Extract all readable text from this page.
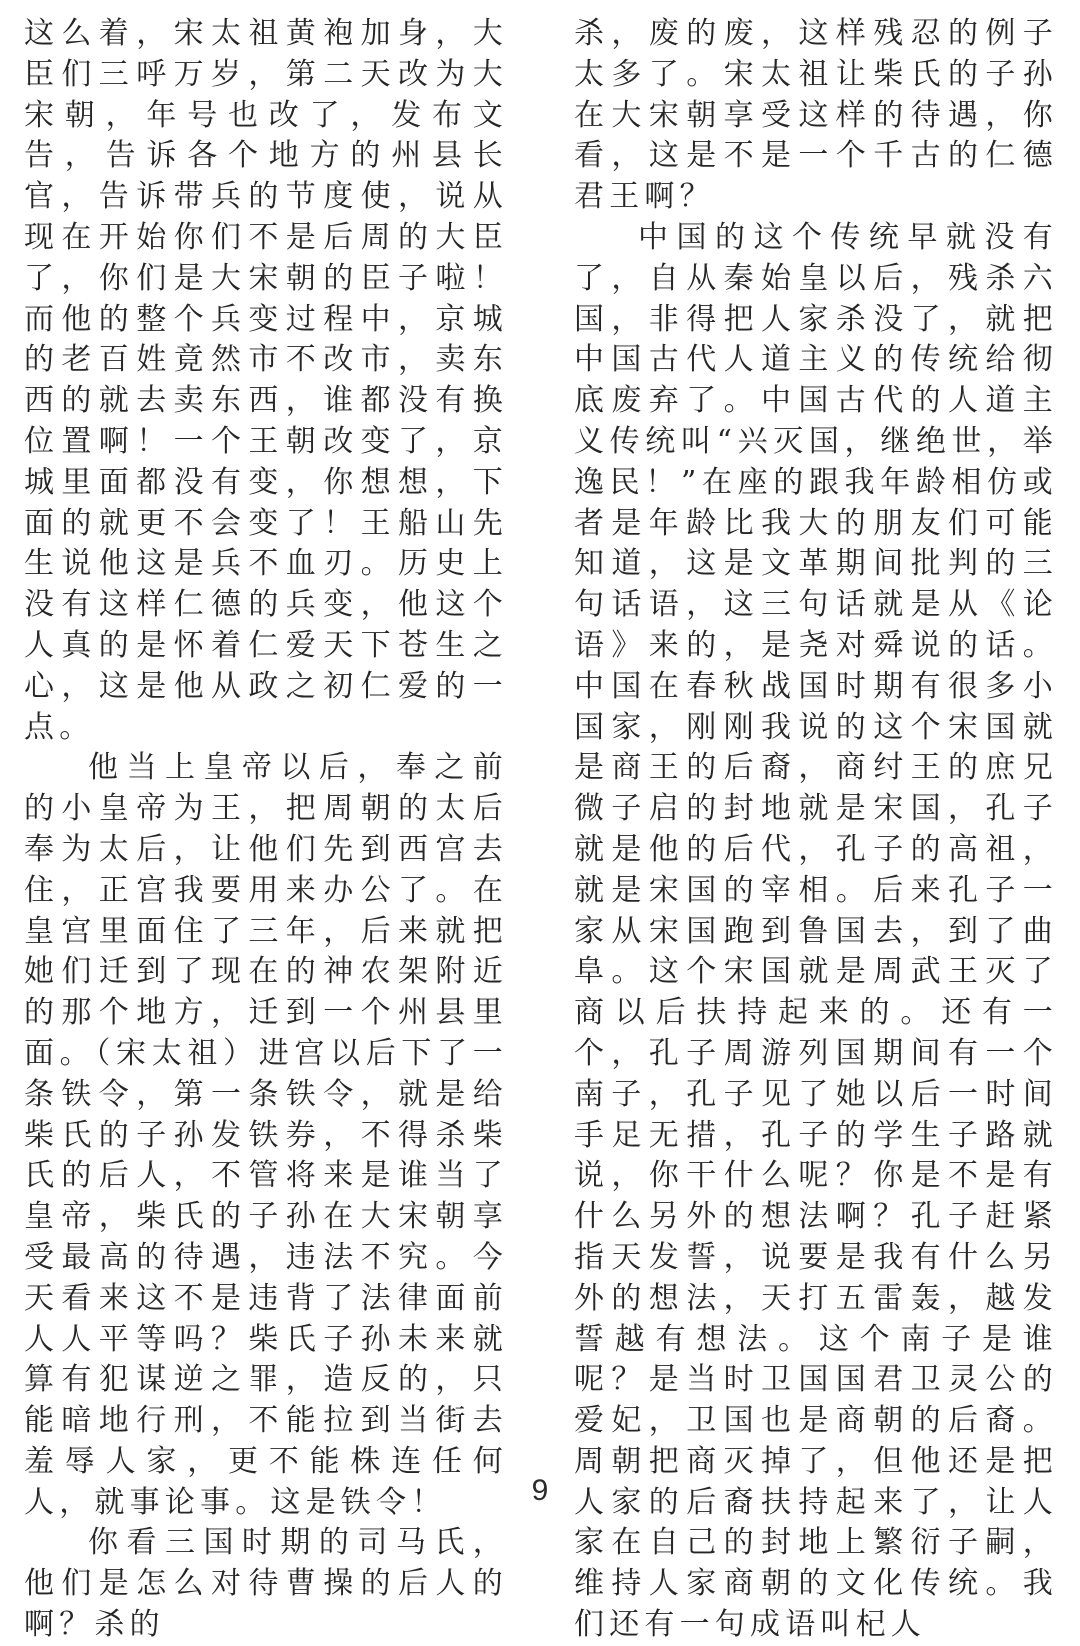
这么着，宋太祖黄袍加身，大臣们三呼万岁，第二天改为大宋朝，年号也改了，发布文告，告诉各个地方的州县长官，告诉带兵的节度使，说从现在开始你们不是后周的大臣了，你们是大宋朝的臣子啦！而他的整个兵变过程中，京城的老百姓竟然市不改市，卖东西的就去卖东西，谁都没有换位置啊！一个王朝改变了，京城里面都没有变，你想想，下面的就更不会变了！王船山先生说他这是兵不血刃。历史上没有这样仁德的兵变，他这个人真的是怀着仁爱天下苍生之心，这是他从政之初仁爱的一点。

他当上皇帝以后，奉之前的小皇帝为王，把周朝的太后奉为太后，让他们先到西宫去住，正宫我要用来办公了。在皇宫里面住了三年，后来就把她们迁到了现在的神农架附近的那个地方，迁到一个州县里面。（宋太祖）进宫以后下了一条铁令，第一条铁令，就是给柴氏的子孙发铁券，不得杀柴氏的后人，不管将来是谁当了皇帝，柴氏的子孙在大宋朝享受最高的待遇，违法不究。今天看来这不是违背了法律面前人人平等吗？柴氏子孙未来就算有犯谋逆之罪，造反的，只能暗地行刑，不能拉到当街去羞辱人家，更不能株连任何人，就事论事。这是铁令！

你看三国时期的司马氏，他们是怎么对待曹操的后人的啊？杀的

杀，废的废，这样残忍的例子太多了。宋太祖让柴氏的子孙在大宋朝享受这样的待遇，你看，这是不是一个千古的仁德君王啊？

中国的这个传统早就没有了，自从秦始皇以后，残杀六国，非得把人家杀没了，就把中国古代人道主义的传统给彻底废弃了。中国古代的人道主义传统叫“兴灭国，继绝世，举逸民！”在座的跟我年龄相仿或者是年龄比我大的朋友们可能知道，这是文革期间批判的三句话语，这三句话就是从《论语》来的，是尧对舜说的话。中国在春秋战国时期有很多小国家，刚刚我说的这个宋国就是商王的后裔，商纣王的庶兄微子启的封地就是宋国，孔子就是他的后代，孔子的高祖，就是宋国的宰相。后来孔子一家从宋国跑到鲁国去，到了曲阜。这个宋国就是周武王灭了商以后扶持起来的。还有一个，孔子周游列国期间有一个南子，孔子见了她以后一时间手足无措，孔子的学生子路就说，你干什么呢？你是不是有什么另外的想法啊？孔子赶紧指天发誓，说要是我有什么另外的想法，天打五雷轰，越发誓越有想法。这个南子是谁呢？是当时卫国国君卫灵公的爱妃，卫国也是商朝的后裔。周朝把商灭掉了，但他还是把人家的后裔扶持起来了，让人家在自己的封地上繁衍子嗣，维持人家商朝的文化传统。我们还有一句成语叫杞人

9
